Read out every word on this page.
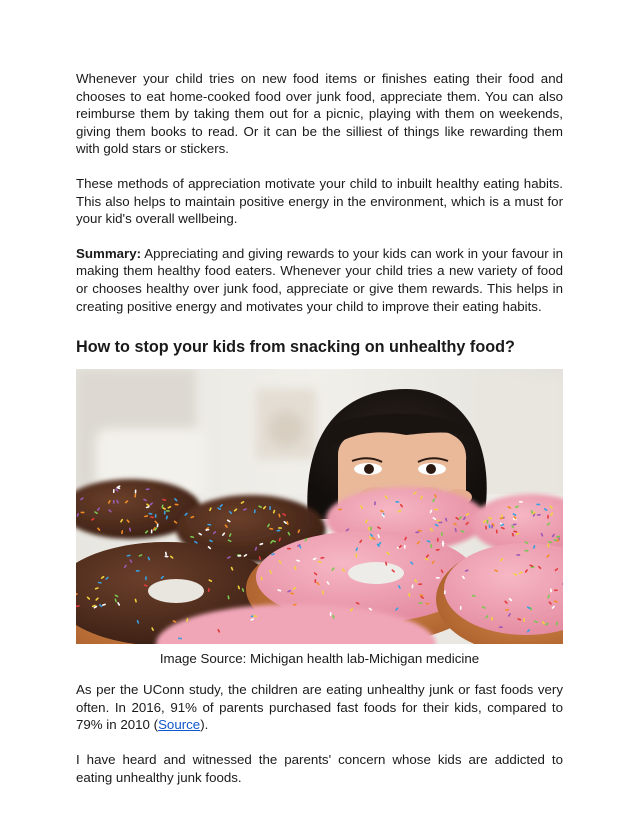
Whenever your child tries on new food items or finishes eating their food and chooses to eat home-cooked food over junk food, appreciate them. You can also reimburse them by taking them out for a picnic, playing with them on weekends, giving them books to read. Or it can be the silliest of things like rewarding them with gold stars or stickers.

These methods of appreciation motivate your child to inbuilt healthy eating habits. This also helps to maintain positive energy in the environment, which is a must for your kid's overall wellbeing.

Summary: Appreciating and giving rewards to your kids can work in your favour in making them healthy food eaters. Whenever your child tries a new variety of food or chooses healthy over junk food, appreciate or give them rewards. This helps in creating positive energy and motivates your child to improve their eating habits.

How to stop your kids from snacking on unhealthy food?
Image Source: Michigan health lab-Michigan medicine

As per the UConn study, the children are eating unhealthy junk or fast foods very often. In 2016, 91% of parents purchased fast foods for their kids, compared to 79% in 2010 (Source).

I have heard and witnessed the parents' concern whose kids are addicted to eating unhealthy junk foods.
